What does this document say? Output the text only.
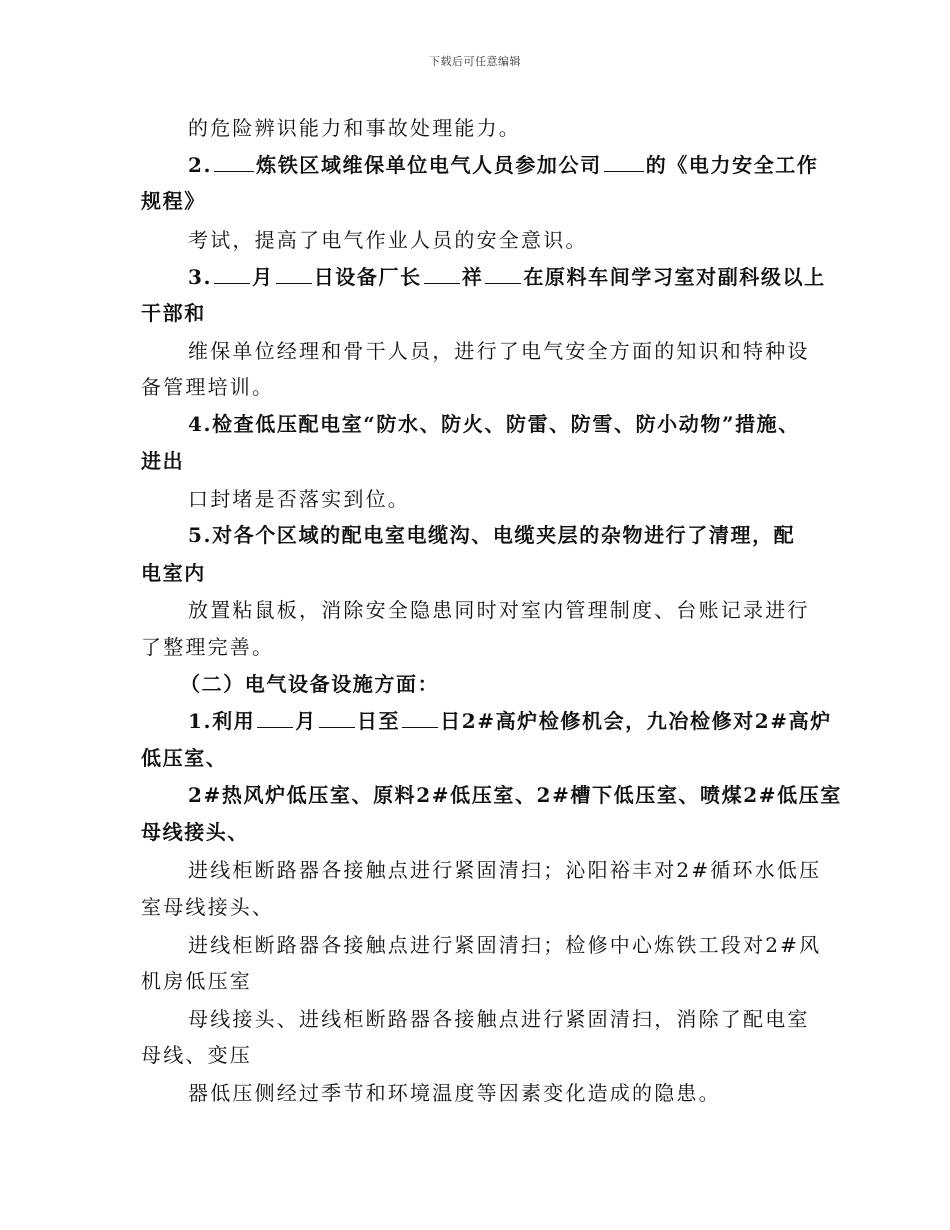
下载后可任意编辑
的危险辨识能力和事故处理能力。
2. 炼铁区域维保单位电气人员参加公司 的《电力安全工作
规程》
考试，提高了电气作业人员的安全意识。
3. 月 日设备厂长 祥 在原料车间学习室对副科级以上
干部和
维保单位经理和骨干人员，进行了电气安全方面的知识和特种设
备管理培训。
4.检查低压配电室“防水、防火、防雷、防雪、防小动物”措施、
进出
口封堵是否落实到位。
5.对各个区域的配电室电缆沟、电缆夹层的杂物进行了清理，配
电室内
放置粘鼠板，消除安全隐患同时对室内管理制度、台账记录进行
了整理完善。
（二）电气设备设施方面：
1.利用 月 日至 日2#高炉检修机会，九冶检修对2#高炉
低压室、
2#热风炉低压室、原料2#低压室、2#槽下低压室、喷煤2#低压室
母线接头、
进线柜断路器各接触点进行紧固清扫；沁阳裕丰对2#循环水低压
室母线接头、
进线柜断路器各接触点进行紧固清扫；检修中心炼铁工段对2#风
机房低压室
母线接头、进线柜断路器各接触点进行紧固清扫，消除了配电室
母线、变压
器低压侧经过季节和环境温度等因素变化造成的隐患。
